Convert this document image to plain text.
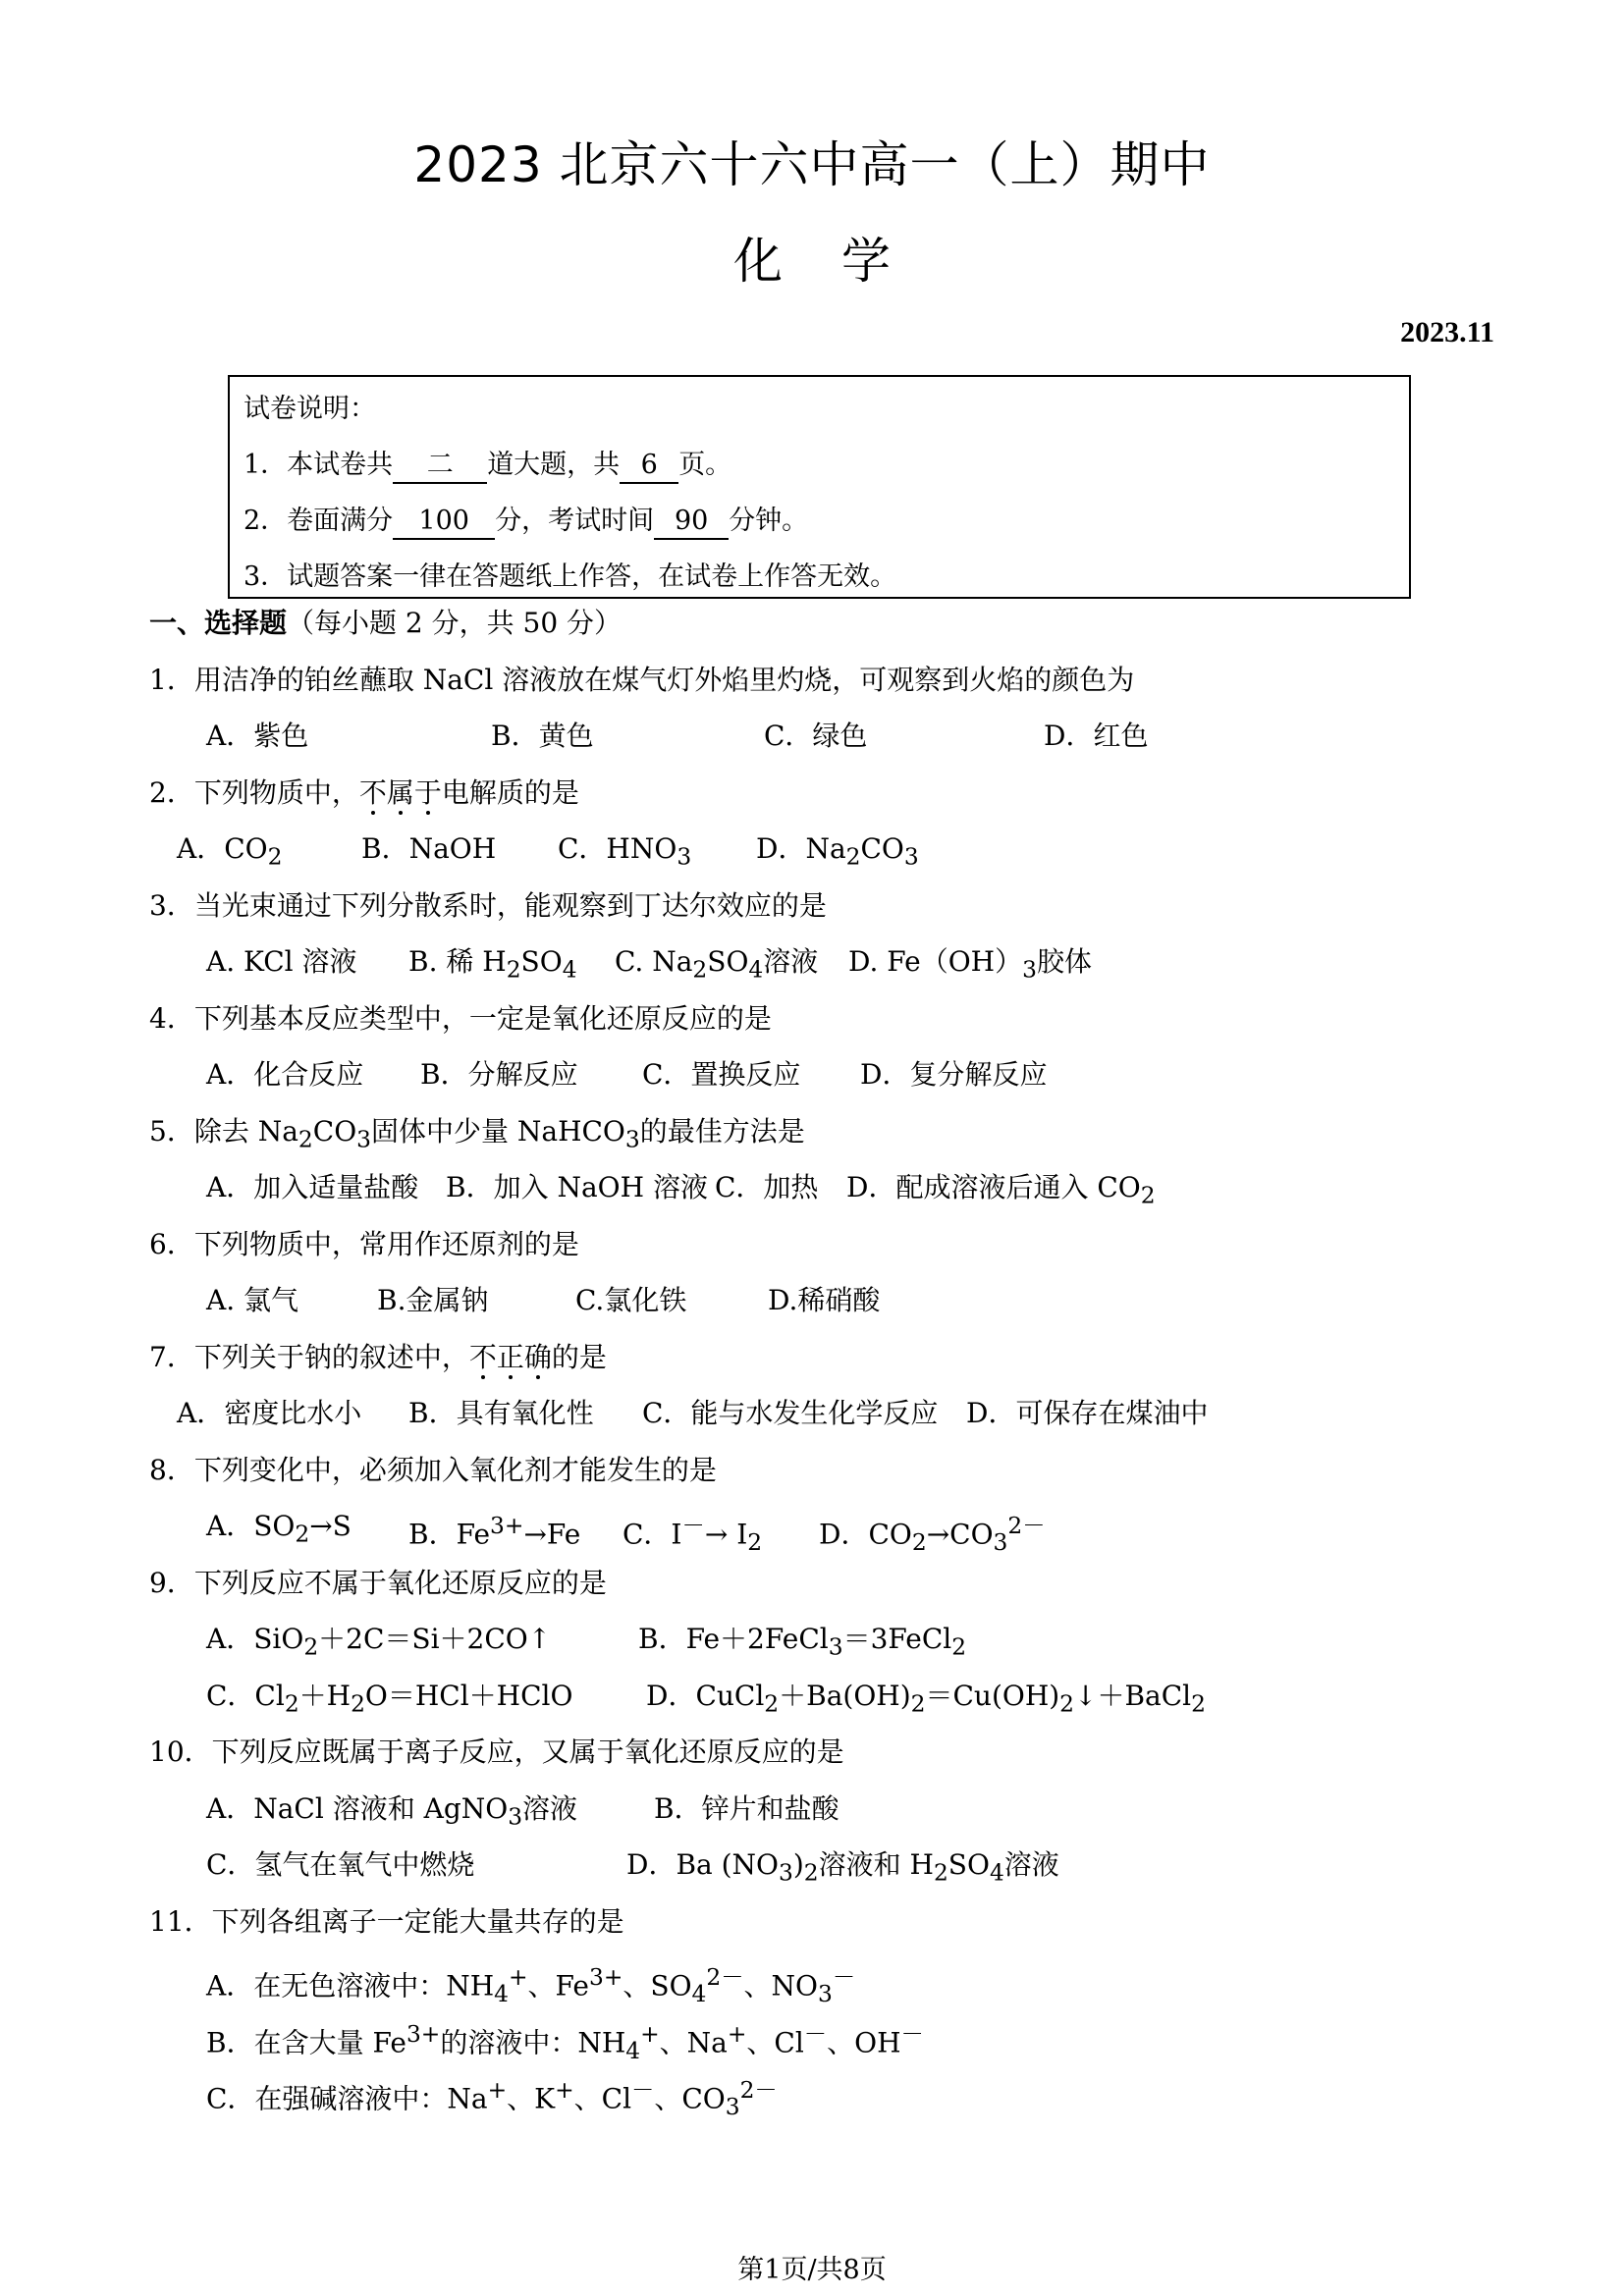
2023 北京六十六中高一（上）期中
化学
2023.11
试卷说明：
1．本试卷共 二 道大题，共 6 页。
2．卷面满分 100 分，考试时间 90 分钟。
3．试题答案一律在答题纸上作答，在试卷上作答无效。
一、选择题（每小题 2 分，共 50 分）
1．用洁净的铂丝蘸取 NaCl 溶液放在煤气灯外焰里灼烧，可观察到火焰的颜色为
A．紫色	B．黄色	C．绿色	D．红色
2．下列物质中，不属于电解质的是
A．$CO_2$	B．NaOH C．$HNO_3$ D．$Na_2CO_3$
3．当光束通过下列分散系时，能观察到丁达尔效应的是
A. KCl 溶液 B. 稀 $H_2SO_4$ C. $Na_2SO_4$溶液 D. $Fe(OH)_3$胶体
4．下列基本反应类型中，一定是氧化还原反应的是
A．化合反应 B．分解反应 C．置换反应 D．复分解反应
5．除去 $Na_2CO_3$固体中少量 NaHCO$_3$的最佳方法是
A．加入适量盐酸 B．加入 NaOH 溶液 C．加热 D．配成溶液后通入 $CO_2$
6．下列物质中，常用作还原剂的是
A. 氯气	B.金属钠	C.氯化铁	D.稀硝酸
7．下列关于钠的叙述中，不正确的是
A．密度比水小 B．具有氧化性 C．能与水发生化学反应 D．可保存在煤油中
8．下列变化中，必须加入氧化剂才能发生的是
A．$SO_2\to S$ B．$Fe^{3+}\to Fe$ C．$I^-\to I_2$ D．$CO_2\to CO_3^{2-}$
9．下列反应不属于氧化还原反应的是
A．SiO$_2$＋2C＝Si＋2CO↑	B．Fe＋2FeCl$_3$＝3FeCl$_2$
C．$Cl_2+H_2O=HCl+HClO$	D．$CuCl_2+Ba(OH)_2=Cu(OH)_2↓+BaCl_2$
10．下列反应既属于离子反应，又属于氧化还原反应的是
A．NaCl 溶液和 AgNO$_3$溶液	B．锌片和盐酸
C．氢气在氧气中燃烧	D．Ba $(NO_3)_2$溶液和 $H_2SO_4$溶液
11．下列各组离子一定能大量共存的是
A．在无色溶液中：$NH_4^+$、$Fe^{3+}$、$SO_4^{2-}$、$NO_3^-$
B．在含大量 $Fe^{3+}$的溶液中：$NH_4^+$、Na+、Cl－、OH－
C．在强碱溶液中：Na+、K+、Cl－、$CO_3^{2-}$
第1页/共8页
